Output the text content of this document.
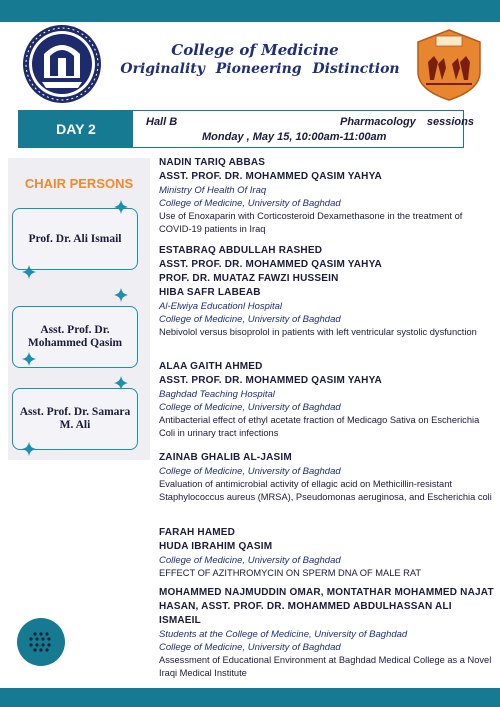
College of Medicine
Originality Pioneering Distinction
DAY 2	Hall B	Pharmacology sessions
Monday , May 15, 10:00am-11:00am
CHAIR PERSONS
Prof. Dr. Ali Ismail
Asst. Prof. Dr. Mohammed Qasim
Asst. Prof. Dr. Samara M. Ali
NADIN TARIQ ABBAS
ASST. PROF. DR. MOHAMMED QASIM YAHYA
Ministry Of Health Of Iraq
College of Medicine, University of Baghdad
Use of Enoxaparin with Corticosteroid Dexamethasone in the treatment of COVID-19 patients in Iraq
ESTABRAQ ABDULLAH RASHED
ASST. PROF. DR. MOHAMMED QASIM YAHYA
PROF. DR. MUATAZ FAWZI HUSSEIN
HIBA SAFR LABEAB
Al-Elwiya Educationl Hospital
College of Medicine, University of Baghdad
Nebivolol versus bisoprolol in patients with left ventricular systolic dysfunction
ALAA GAITH AHMED
ASST. PROF. DR. MOHAMMED QASIM YAHYA
Baghdad Teaching Hospital
College of Medicine, University of Baghdad
Antibacterial effect of ethyl acetate fraction of Medicago Sativa on Escherichia Coli in urinary tract infections
ZAINAB GHALIB AL-JASIM
College of Medicine, University of Baghdad
Evaluation of antimicrobial activity of ellagic acid on Methicillin-resistant Staphylococcus aureus (MRSA), Pseudomonas aeruginosa, and Escherichia coli
FARAH HAMED
HUDA IBRAHIM QASIM
College of Medicine, University of Baghdad
EFFECT OF AZITHROMYCIN ON SPERM DNA OF MALE RAT
MOHAMMED NAJMUDDIN OMAR, MONTATHAR MOHAMMED NAJAT HASAN, ASST. PROF. DR. MOHAMMED ABDULHASSAN ALI ISMAEIL
Students at the College of Medicine, University of Baghdad
College of Medicine, University of Baghdad
Assessment of Educational Environment at Baghdad Medical College as a Novel Iraqi Medical Institute
